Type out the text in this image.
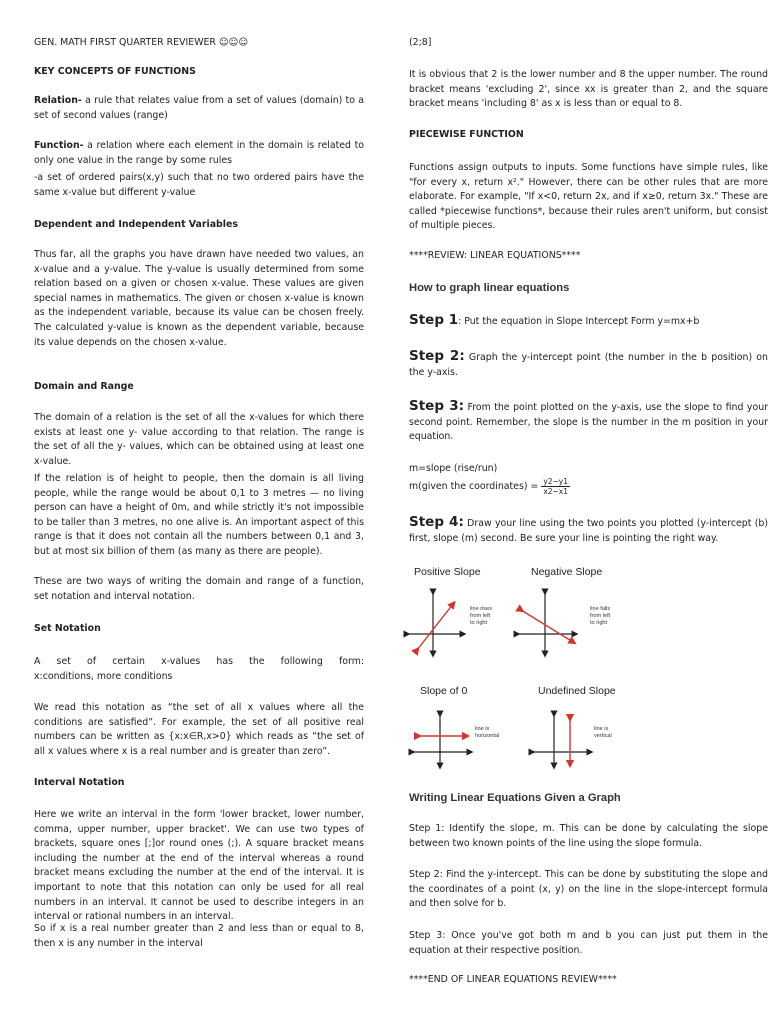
GEN. MATH FIRST QUARTER REVIEWER ☺☺☺

KEY CONCEPTS OF FUNCTIONS

Relation- a rule that relates value from a set of values (domain) to a set of second values (range)

Function- a relation where each element in the domain is related to only one value in the range by some rules

-a set of ordered pairs(x,y) such that no two ordered pairs have the same x-value but different y-value

Dependent and Independent Variables

Thus far, all the graphs you have drawn have needed two values, an x-value and a y-value. The y-value is usually determined from some relation based on a given or chosen x-value. These values are given special names in mathematics. The given or chosen x-value is known as the independent variable, because its value can be chosen freely. The calculated y-value is known as the dependent variable, because its value depends on the chosen x-value.

Domain and Range

The domain of a relation is the set of all the x-values for which there exists at least one y- value according to that relation. The range is the set of all the y- values, which can be obtained using at least one x-value.

If the relation is of height to people, then the domain is all living people, while the range would be about 0,1 to 3 metres — no living person can have a height of 0m, and while strictly it's not impossible to be taller than 3 metres, no one alive is. An important aspect of this range is that it does not contain all the numbers between 0,1 and 3, but at most six billion of them (as many as there are people).

These are two ways of writing the domain and range of a function, set notation and interval notation.

Set Notation

A set of certain x-values has the following form:

x:conditions, more conditions

We read this notation as “the set of all x values where all the conditions are satisfied”. For example, the set of all positive real numbers can be written as {x:x∈R,x>0} which reads as “the set of all x values where x is a real number and is greater than zero”.

Interval Notation

Here we write an interval in the form 'lower bracket, lower number, comma, upper number, upper bracket'. We can use two types of brackets, square ones [;]or round ones (;). A square bracket means including the number at the end of the interval whereas a round bracket means excluding the number at the end of the interval. It is important to note that this notation can only be used for all real numbers in an interval. It cannot be used to describe integers in an interval or rational numbers in an interval.

So if x is a real number greater than 2 and less than or equal to 8, then x is any number in the interval

(2;8]

It is obvious that 2 is the lower number and 8 the upper number. The round bracket means 'excluding 2', since xx is greater than 2, and the square bracket means 'including 8' as x is less than or equal to 8.

PIECEWISE FUNCTION

Functions assign outputs to inputs. Some functions have simple rules, like "for every x, return x²." However, there can be other rules that are more elaborate. For example, "If x<0, return 2x, and if x≥0, return 3x." These are called *piecewise functions*, because their rules aren't uniform, but consist of multiple pieces.

****REVIEW: LINEAR EQUATIONS****

How to graph linear equations

Step 1: Put the equation in Slope Intercept Form y=mx+b

Step 2: Graph the y-intercept point (the number in the b position) on the y-axis.

Step 3: From the point plotted on the y-axis, use the slope to find your second point. Remember, the slope is the number in the m position in your equation.

m=slope (rise/run)

m(given the coordinates) = $\frac{y2-y1}{x2-x1}$

Step 4: Draw your line using the two points you plotted (y-intercept (b) first, slope (m) second. Be sure your line is pointing the right way.

Writing Linear Equations Given a Graph

Step 1: Identify the slope, m. This can be done by calculating the slope between two known points of the line using the slope formula.

Step 2: Find the y-intercept. This can be done by substituting the slope and the coordinates of a point (x, y) on the line in the slope-intercept formula and then solve for b.

Step 3: Once you've got both m and b you can just put them in the equation at their respective position.

****END OF LINEAR EQUATIONS REVIEW****

Positive Slope	Negative Slope
Slope of 0	Undefined Slope
line rises
from left
to right
line falls
from left
to right
line is
horizontal
line is
vertical
